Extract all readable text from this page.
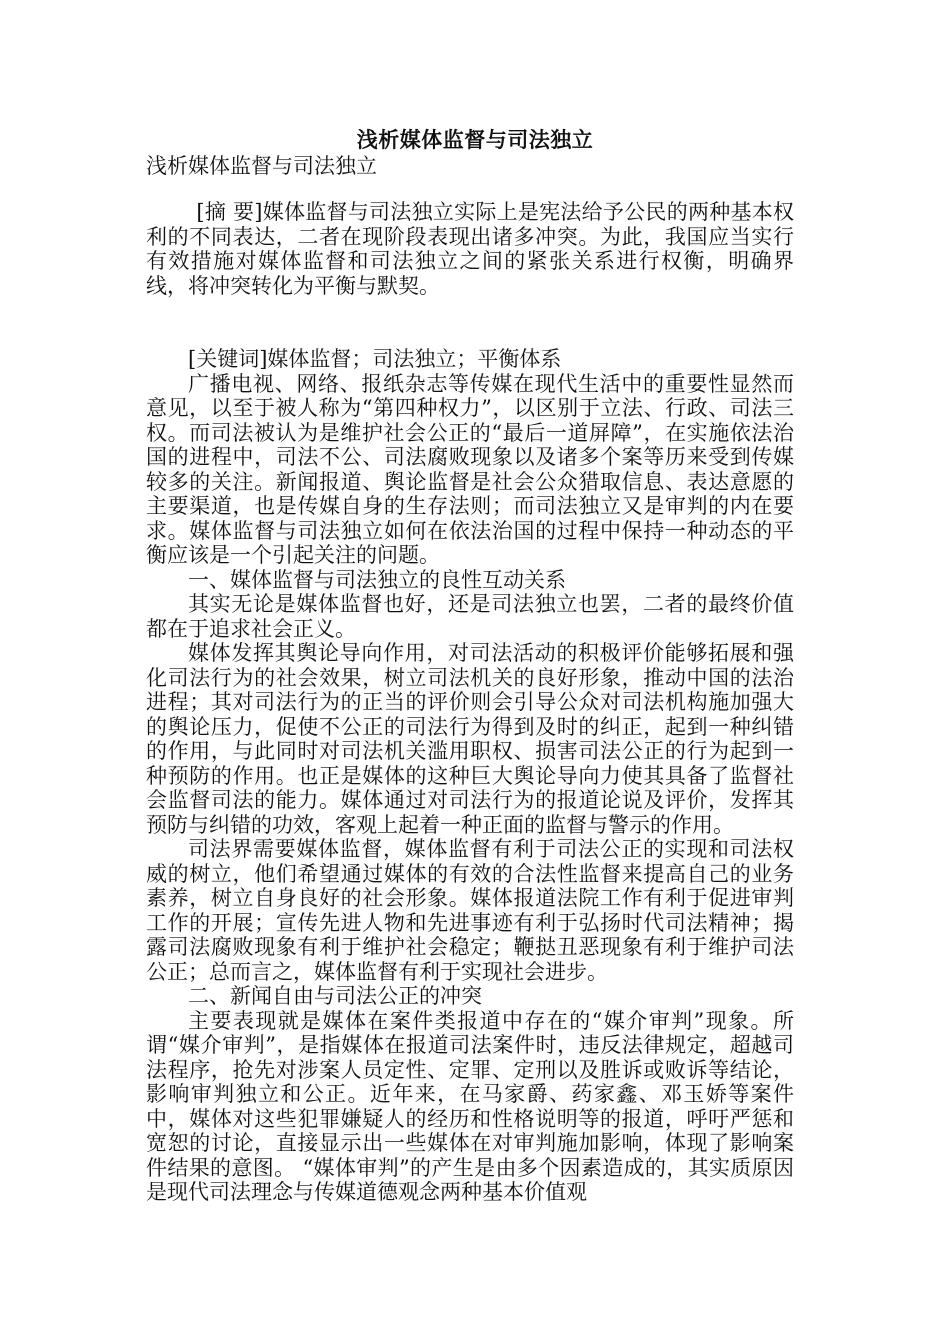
浅析媒体监督与司法独立
浅析媒体监督与司法独立

[摘 要]媒体监督与司法独立实际上是宪法给予公民的两种基本权利的不同表达，二者在现阶段表现出诸多冲突。为此，我国应当实行有效措施对媒体监督和司法独立之间的紧张关系进行权衡，明确界线，将冲突转化为平衡与默契。

[关键词]媒体监督；司法独立；平衡体系

广播电视、网络、报纸杂志等传媒在现代生活中的重要性显然而意见，以至于被人称为“第四种权力”，以区别于立法、行政、司法三权。而司法被认为是维护社会公正的“最后一道屏障”，在实施依法治国的进程中，司法不公、司法腐败现象以及诸多个案等历来受到传媒较多的关注。新闻报道、舆论监督是社会公众猎取信息、表达意愿的主要渠道，也是传媒自身的生存法则；而司法独立又是审判的内在要求。媒体监督与司法独立如何在依法治国的过程中保持一种动态的平衡应该是一个引起关注的问题。

一、媒体监督与司法独立的良性互动关系

其实无论是媒体监督也好，还是司法独立也罢，二者的最终价值都在于追求社会正义。

媒体发挥其舆论导向作用，对司法活动的积极评价能够拓展和强化司法行为的社会效果，树立司法机关的良好形象，推动中国的法治进程；其对司法行为的正当的评价则会引导公众对司法机构施加强大的舆论压力，促使不公正的司法行为得到及时的纠正，起到一种纠错的作用，与此同时对司法机关滥用职权、损害司法公正的行为起到一种预防的作用。也正是媒体的这种巨大舆论导向力使其具备了监督社会监督司法的能力。媒体通过对司法行为的报道论说及评价，发挥其预防与纠错的功效，客观上起着一种正面的监督与警示的作用。

司法界需要媒体监督，媒体监督有利于司法公正的实现和司法权威的树立，他们希望通过媒体的有效的合法性监督来提高自己的业务素养，树立自身良好的社会形象。媒体报道法院工作有利于促进审判工作的开展；宣传先进人物和先进事迹有利于弘扬时代司法精神；揭露司法腐败现象有利于维护社会稳定；鞭挞丑恶现象有利于维护司法公正；总而言之，媒体监督有利于实现社会进步。

二、新闻自由与司法公正的冲突

主要表现就是媒体在案件类报道中存在的“媒介审判”现象。所谓“媒介审判”，是指媒体在报道司法案件时，违反法律规定，超越司法程序，抢先对涉案人员定性、定罪、定刑以及胜诉或败诉等结论，影响审判独立和公正。近年来，在马家爵、药家鑫、邓玉娇等案件中，媒体对这些犯罪嫌疑人的经历和性格说明等的报道，呼吁严惩和宽恕的讨论，直接显示出一些媒体在对审判施加影响，体现了影响案件结果的意图。 “媒体审判”的产生是由多个因素造成的，其实质原因是现代司法理念与传媒道德观念两种基本价值观
